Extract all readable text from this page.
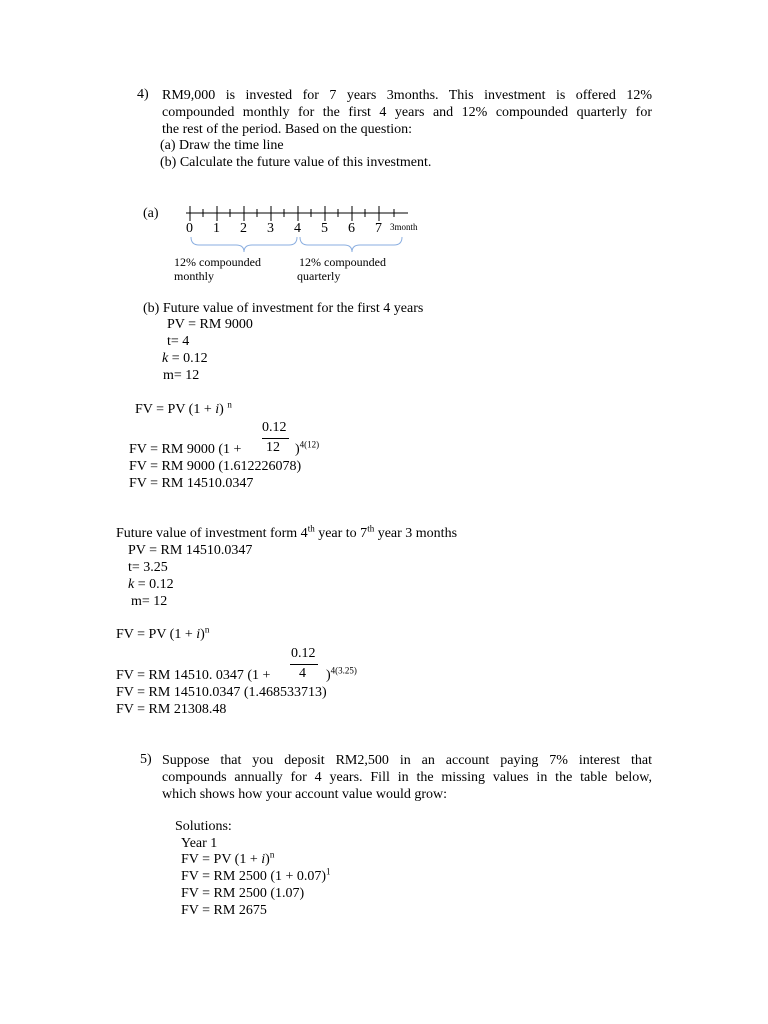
4) RM9,000 is invested for 7 years 3months. This investment is offered 12%

compounded monthly for the first 4 years and 12% compounded quarterly for

the rest of the period. Based on the question:

(a) Draw the time line
(b) Calculate the future value of this investment.
(a)
0 1 2 3 4 5 6 7 3month
12% compounded
monthly
12% compounded
quarterly
(b) Future value of investment for the first 4 years
PV = RM 9000
t= 4
k = 0.12
m= 12
FV = PV (1 + i) $^n$
0.12
FV = RM 9000 (1 + 12 )$^{4(12)}$
FV = RM 9000 (1.612226078)
FV = RM 14510.0347
Future value of investment form 4th year to 7th year 3 months
PV = RM 14510.0347
t= 3.25
k = 0.12
m= 12
FV = PV $(1 + i)^n$
0.12
FV = RM 14510. 0347 (1 + 4 )$^{4(3.25)}$
FV = RM 14510.0347 (1.468533713)
FV = RM 21308.48
5) Suppose that you deposit RM2,500 in an account paying 7% interest that

compounds annually for 4 years. Fill in the missing values in the table below,

which shows how your account value would grow:

Solutions:
Year 1
FV = PV $(1 + i)^n$
FV = RM 2500 $(1 + 0.07)^1$
FV = RM 2500 (1.07)
FV = RM 2675
